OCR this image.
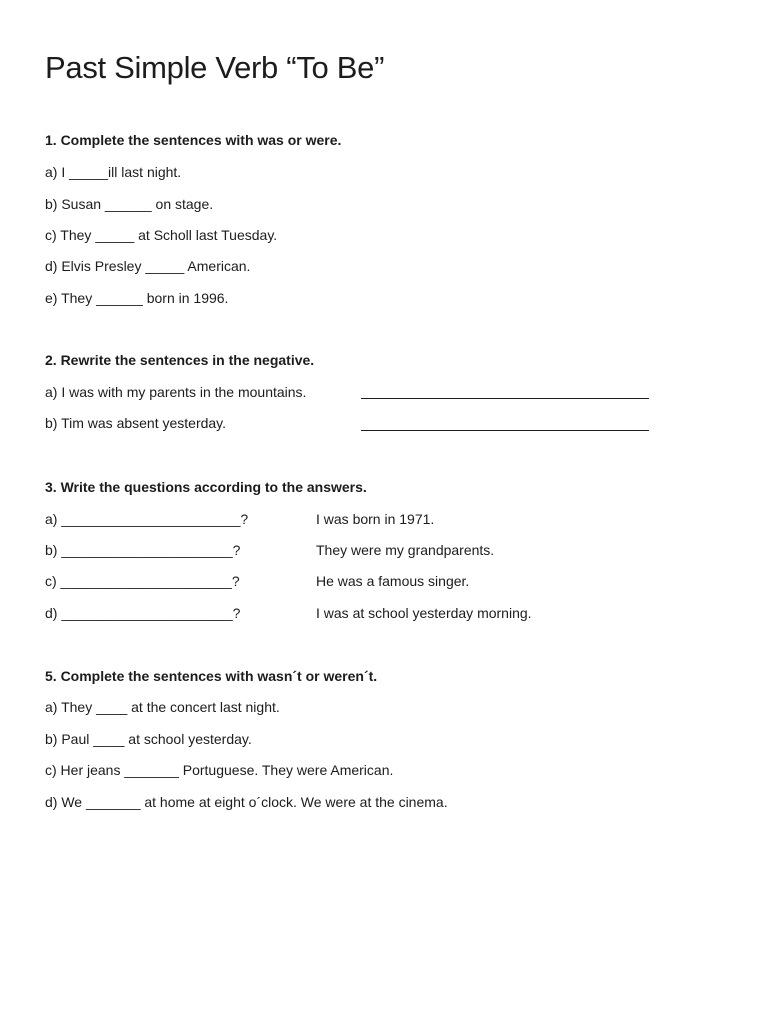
Past Simple Verb “To Be”
1. Complete the sentences with was or were.
a) I _____ill last night.
b) Susan ______ on stage.
c) They _____ at Scholl last Tuesday.
d) Elvis Presley _____ American.
e) They ______ born in 1996.
2. Rewrite the sentences in the negative.
a) I was with my parents in the mountains.
b) Tim was absent yesterday.
3. Write the questions according to the answers.
a) _______________________?	I was born in 1971.
b) ______________________?	They were my grandparents.
c) ______________________?	He was a famous singer.
d) ______________________?	I was at school yesterday morning.
5. Complete the sentences with wasn´t or weren´t.
a) They ____ at the concert last night.
b) Paul ____ at school yesterday.
c) Her jeans _______ Portuguese. They were American.
d) We _______ at home at eight o´clock. We were at the cinema.
